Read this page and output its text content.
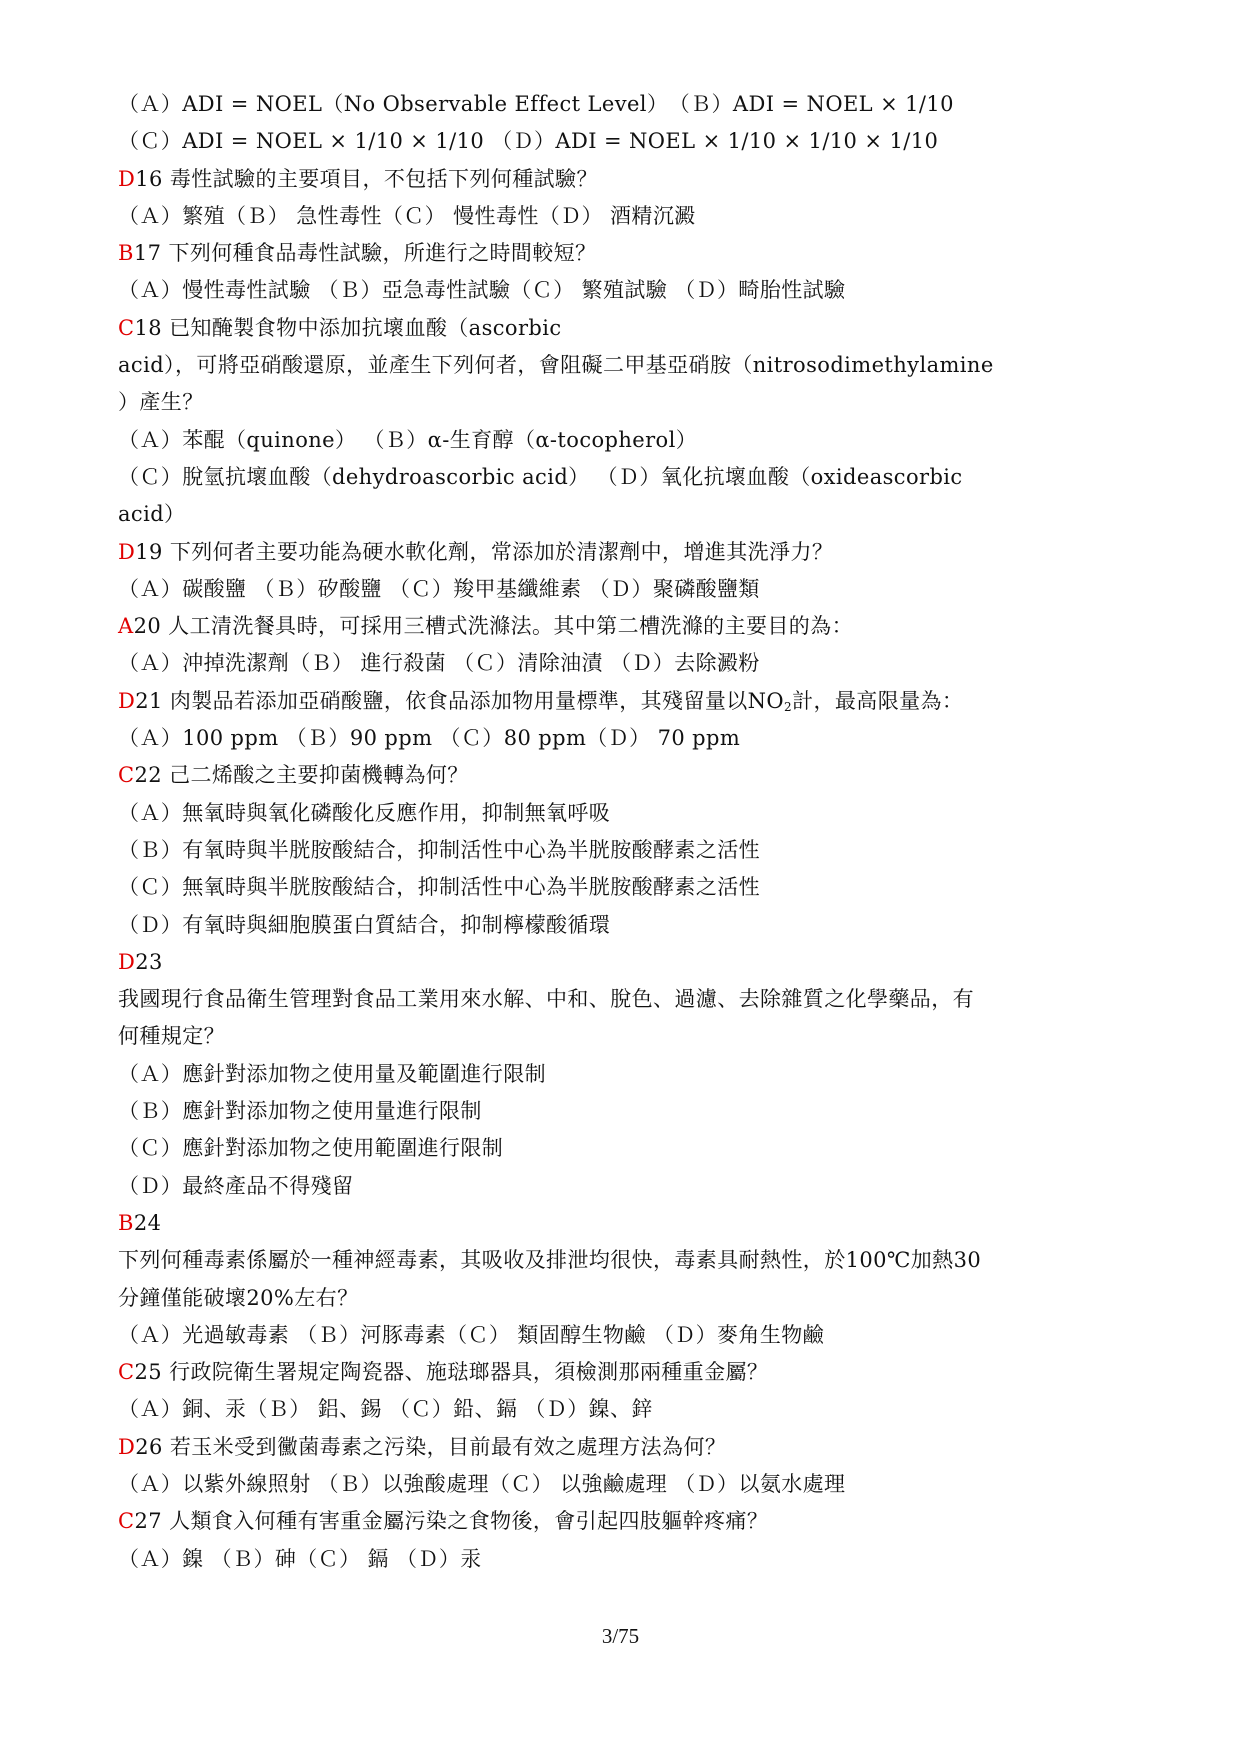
（Ａ）ADI = NOEL（No Observable Effect Level）　（Ｂ）ADI = NOEL × 1/10
（Ｃ）ADI = NOEL × 1/10 × 1/10 （Ｄ）ADI = NOEL × 1/10 × 1/10 × 1/10
D16 毒性試驗的主要項目，不包括下列何種試驗？
（Ａ）繁殖（Ｂ） 急性毒性（Ｃ） 慢性毒性（Ｄ） 酒精沉澱
B17 下列何種食品毒性試驗，所進行之時間較短？
（Ａ）慢性毒性試驗 （Ｂ）亞急毒性試驗（Ｃ） 繁殖試驗 （Ｄ）畸胎性試驗
C18 已知醃製食物中添加抗壞血酸（ascorbic
acid），可將亞硝酸還原，並產生下列何者，會阻礙二甲基亞硝胺（nitrosodimethylamine
）產生？
（Ａ）苯醌（quinone） （Ｂ）α-生育醇（α-tocopherol）
（Ｃ）脫氫抗壞血酸（dehydroascorbic acid） （Ｄ）氧化抗壞血酸（oxideascorbic
acid）
D19 下列何者主要功能為硬水軟化劑，常添加於清潔劑中，增進其洗淨力？
（Ａ）碳酸鹽 （Ｂ）矽酸鹽 （Ｃ）羧甲基纖維素 （Ｄ）聚磷酸鹽類
A20 人工清洗餐具時，可採用三槽式洗滌法。其中第二槽洗滌的主要目的為：
（Ａ）沖掉洗潔劑（Ｂ） 進行殺菌 （Ｃ）清除油漬 （Ｄ）去除澱粉
D21 肉製品若添加亞硝酸鹽，依食品添加物用量標準，其殘留量以$NO_2$計，最高限量為：
（Ａ）100 ppm （Ｂ）90 ppm （Ｃ）80 ppm（Ｄ） 70 ppm
C22 己二烯酸之主要抑菌機轉為何？
（Ａ）無氧時與氧化磷酸化反應作用，抑制無氧呼吸
（Ｂ）有氧時與半胱胺酸結合，抑制活性中心為半胱胺酸酵素之活性
（Ｃ）無氧時與半胱胺酸結合，抑制活性中心為半胱胺酸酵素之活性
（Ｄ）有氧時與細胞膜蛋白質結合，抑制檸檬酸循環
D23
我國現行食品衛生管理對食品工業用來水解、中和、脫色、過濾、去除雜質之化學藥品，有
何種規定？
（Ａ）應針對添加物之使用量及範圍進行限制
（Ｂ）應針對添加物之使用量進行限制
（Ｃ）應針對添加物之使用範圍進行限制
（Ｄ）最終產品不得殘留
B24
下列何種毒素係屬於一種神經毒素，其吸收及排泄均很快，毒素具耐熱性，於100℃加熱30
分鐘僅能破壞20%左右？
（Ａ）光過敏毒素 （Ｂ）河豚毒素（Ｃ） 類固醇生物鹼 （Ｄ）麥角生物鹼
C25 行政院衛生署規定陶瓷器、施琺瑯器具，須檢測那兩種重金屬？
（Ａ）銅、汞（Ｂ） 鋁、錫 （Ｃ）鉛、鎘 （Ｄ）鎳、鋅
D26 若玉米受到黴菌毒素之污染，目前最有效之處理方法為何？
（Ａ）以紫外線照射 （Ｂ）以強酸處理（Ｃ） 以強鹼處理 （Ｄ）以氨水處理
C27 人類食入何種有害重金屬污染之食物後，會引起四肢軀幹疼痛？
（Ａ）鎳 （Ｂ）砷（Ｃ） 鎘 （Ｄ）汞
3/75
